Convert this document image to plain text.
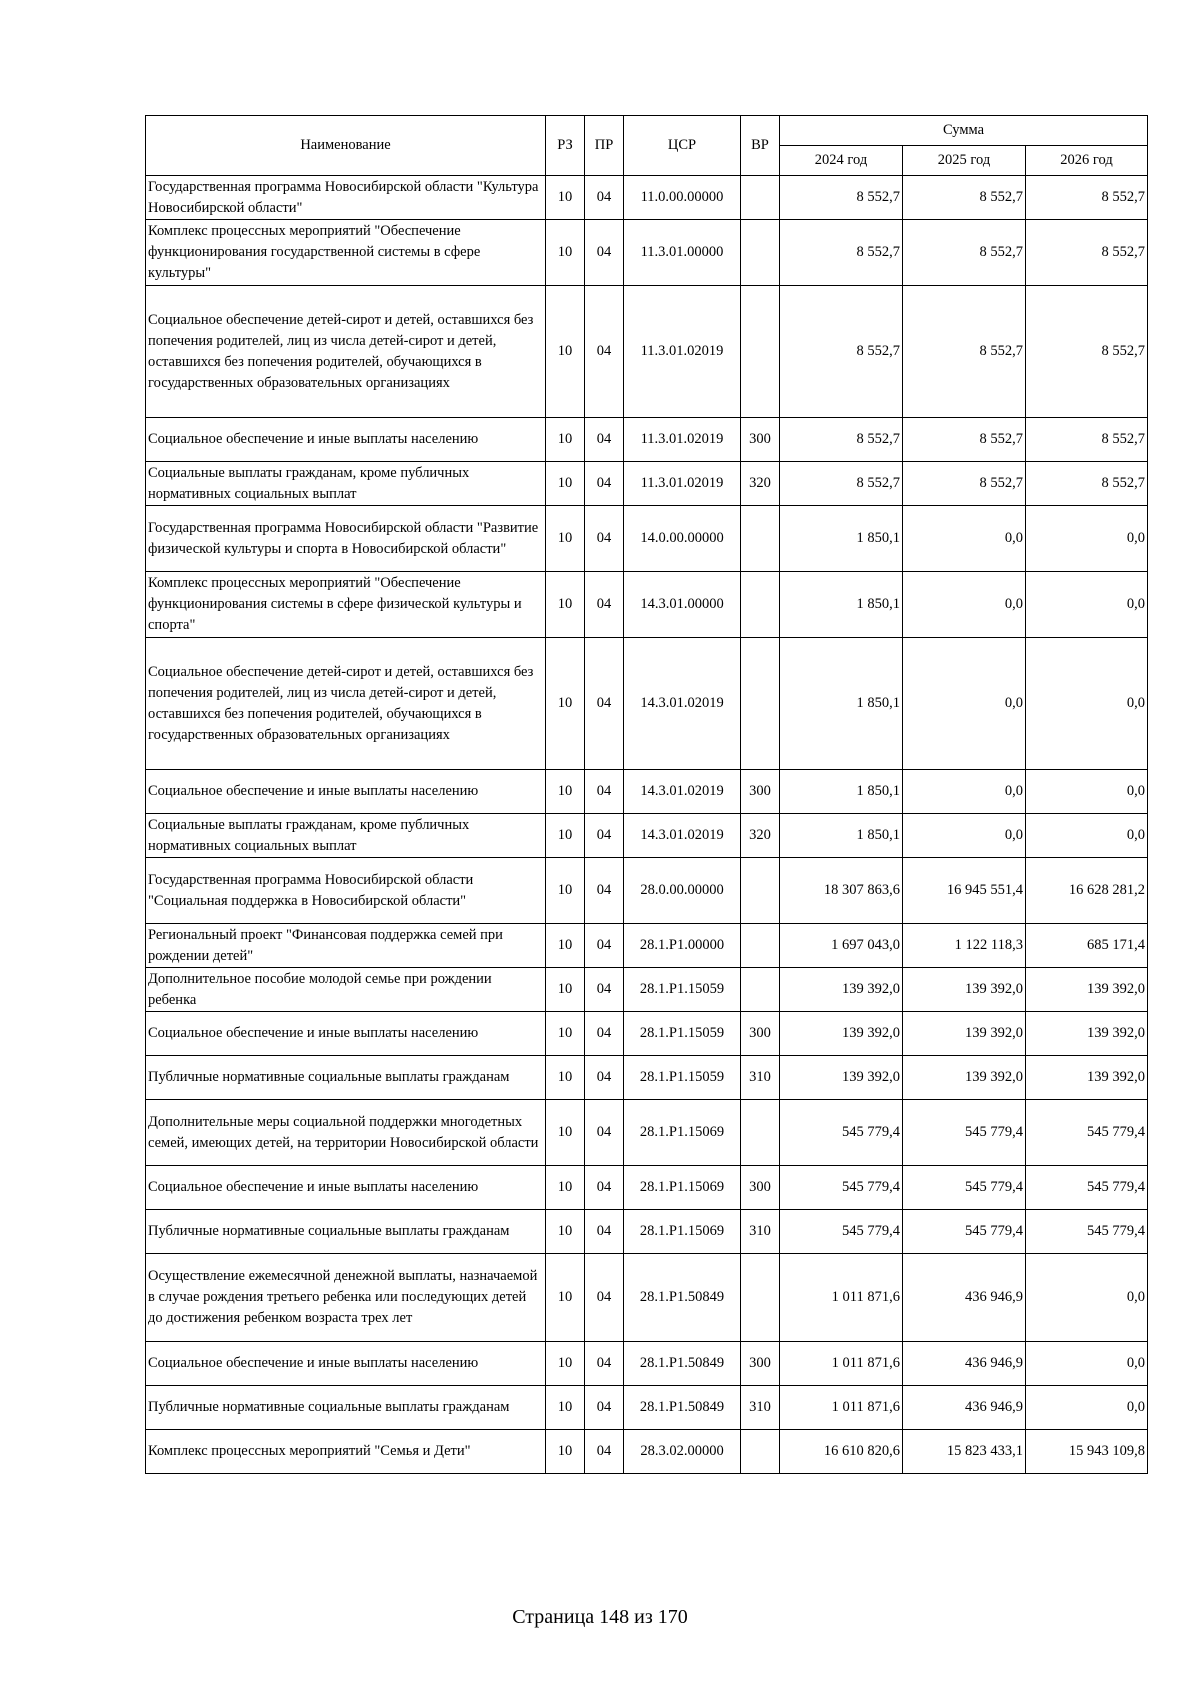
Наименование	РЗ	ПР	ЦСР	ВР	Сумма		
					2024 год	2025 год	2026 год
Государственная программа Новосибирской области "Культура Новосибирской области"	10	04	11.0.00.00000		8 552,7	8 552,7	8 552,7
Комплекс процессных мероприятий "Обеспечение функционирования государственной системы в сфере культуры"	10	04	11.3.01.00000		8 552,7	8 552,7	8 552,7
Социальное обеспечение детей-сирот и детей, оставшихся без попечения родителей, лиц из числа детей-сирот и детей, оставшихся без попечения родителей, обучающихся в государственных образовательных организациях	10	04	11.3.01.02019		8 552,7	8 552,7	8 552,7
Социальное обеспечение и иные выплаты населению	10	04	11.3.01.02019	300	8 552,7	8 552,7	8 552,7
Социальные выплаты гражданам, кроме публичных нормативных социальных выплат	10	04	11.3.01.02019	320	8 552,7	8 552,7	8 552,7
Государственная программа Новосибирской области "Развитие физической культуры и спорта в Новосибирской области"	10	04	14.0.00.00000		1 850,1	0,0	0,0
Комплекс процессных мероприятий "Обеспечение функционирования системы в сфере физической культуры и спорта"	10	04	14.3.01.00000		1 850,1	0,0	0,0
Социальное обеспечение детей-сирот и детей, оставшихся без попечения родителей, лиц из числа детей-сирот и детей, оставшихся без попечения родителей, обучающихся в государственных образовательных организациях	10	04	14.3.01.02019		1 850,1	0,0	0,0
Социальное обеспечение и иные выплаты населению	10	04	14.3.01.02019	300	1 850,1	0,0	0,0
Социальные выплаты гражданам, кроме публичных нормативных социальных выплат	10	04	14.3.01.02019	320	1 850,1	0,0	0,0
Государственная программа Новосибирской области "Социальная поддержка в Новосибирской области"	10	04	28.0.00.00000		18 307 863,6	16 945 551,4	16 628 281,2
Региональный проект "Финансовая поддержка семей при рождении детей"	10	04	28.1.P1.00000		1 697 043,0	1 122 118,3	685 171,4
Дополнительное пособие молодой семье при рождении ребенка	10	04	28.1.P1.15059		139 392,0	139 392,0	139 392,0
Социальное обеспечение и иные выплаты населению	10	04	28.1.P1.15059	300	139 392,0	139 392,0	139 392,0
Публичные нормативные социальные выплаты гражданам	10	04	28.1.P1.15059	310	139 392,0	139 392,0	139 392,0
Дополнительные меры социальной поддержки многодетных семей, имеющих детей, на территории Новосибирской области	10	04	28.1.P1.15069		545 779,4	545 779,4	545 779,4
Социальное обеспечение и иные выплаты населению	10	04	28.1.P1.15069	300	545 779,4	545 779,4	545 779,4
Публичные нормативные социальные выплаты гражданам	10	04	28.1.P1.15069	310	545 779,4	545 779,4	545 779,4
Осуществление ежемесячной денежной выплаты, назначаемой в случае рождения третьего ребенка или последующих детей до достижения ребенком возраста трех лет	10	04	28.1.P1.50849		1 011 871,6	436 946,9	0,0
Социальное обеспечение и иные выплаты населению	10	04	28.1.P1.50849	300	1 011 871,6	436 946,9	0,0
Публичные нормативные социальные выплаты гражданам	10	04	28.1.P1.50849	310	1 011 871,6	436 946,9	0,0
Комплекс процессных мероприятий "Семья и Дети"	10	04	28.3.02.00000		16 610 820,6	15 823 433,1	15 943 109,8
Страница 148 из 170
